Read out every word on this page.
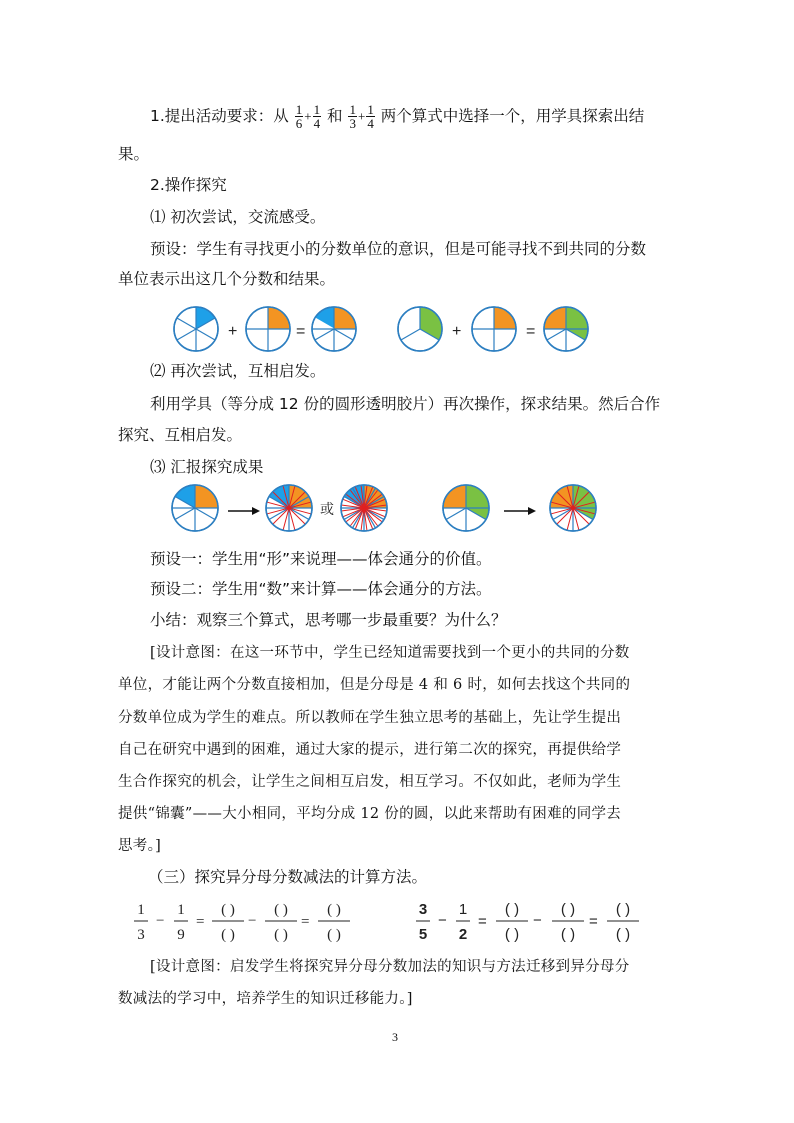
1.提出活动要求：从 $\frac{1}{6} + \frac{1}{4}$ 和 $\frac{1}{3} + \frac{1}{4}$ 两个算式中选择一个，用学具探索出结
果。
2.操作探究
⑴ 初次尝试，交流感受。
预设：学生有寻找更小的分数单位的意识，但是可能寻找不到共同的分数
单位表示出这几个分数和结果。
+	=	+	=
⑵ 再次尝试，互相启发。
利用学具（等分成 12 份的圆形透明胶片）再次操作，探求结果。然后合作
探究、互相启发。
⑶ 汇报探究成果
或
预设一：学生用“形”来说理——体会通分的价值。
预设二：学生用“数”来计算——体会通分的方法。
小结：观察三个算式，思考哪一步最重要？为什么？
[设计意图：在这一环节中，学生已经知道需要找到一个更小的共同的分数
单位，才能让两个分数直接相加，但是分母是 4 和 6 时，如何去找这个共同的
分数单位成为学生的难点。所以教师在学生独立思考的基础上，先让学生提出
自己在研究中遇到的困难，通过大家的提示，进行第二次的探究，再提供给学
生合作探究的机会，让学生之间相互启发，相互学习。不仅如此，老师为学生
提供“锦囊”——大小相同，平均分成 12 份的圆，以此来帮助有困难的同学去
思考。]
（三）探究异分母分数减法的计算方法。
1
3
−
1
9
=
( )
( )
−
( )
( )
=
( )
( )
3
5
−
1
2
=
( )
( )
−
( )
( )
=
( )
( )
[设计意图：启发学生将探究异分母分数加法的知识与方法迁移到异分母分
数减法的学习中，培养学生的知识迁移能力。]
3
